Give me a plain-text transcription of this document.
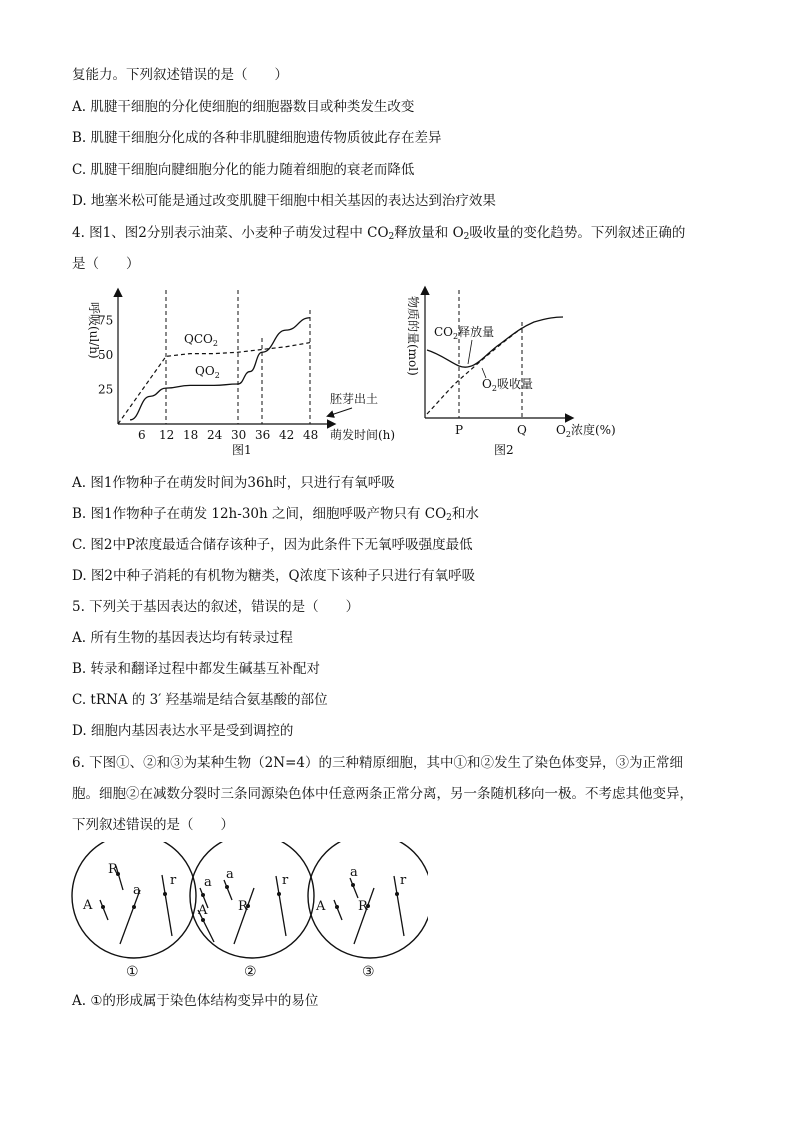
复能力。下列叙述错误的是（　　）
A. 肌腱干细胞的分化使细胞的细胞器数目或种类发生改变
B. 肌腱干细胞分化成的各种非肌腱细胞遗传物质彼此存在差异
C. 肌腱干细胞向腱细胞分化的能力随着细胞的衰老而降低
D. 地塞米松可能是通过改变肌腱干细胞中相关基因的表达达到治疗效果
4. 图1、图2分别表示油菜、小麦种子萌发过程中 $CO_2$释放量和 $O_2$吸收量的变化趋势。下列叙述正确的
是（　　）
呼吸(ul/h)
25
50
75
6 12 18 24 30 36 42 48 萌发时间(h)
$QCO_2$
$QO_2$
胚芽出土
图1
物质的量(mol) $CO_2$释放量
$O_2$吸收量
P	Q $O_2$浓度(%)
图2
A. 图1作物种子在萌发时间为36h时，只进行有氧呼吸
B. 图1作物种子在萌发 12h-30h 之间，细胞呼吸产物只有 $CO_2$和水
C. 图2中P浓度最适合储存该种子，因为此条件下无氧呼吸强度最低
D. 图2中种子消耗的有机物为糖类，Q浓度下该种子只进行有氧呼吸
5. 下列关于基因表达的叙述，错误的是（　　）
A. 所有生物的基因表达均有转录过程
B. 转录和翻译过程中都发生碱基互补配对
C. tRNA 的 3′ 羟基端是结合氨基酸的部位
D. 细胞内基因表达水平是受到调控的
6. 下图①、②和③为某种生物（2N=4）的三种精原细胞，其中①和②发生了染色体变异，③为正常细
胞。细胞②在减数分裂时三条同源染色体中任意两条正常分离，另一条随机移向一极。不考虑其他变异，
下列叙述错误的是（　　）
R
a
A
r
①
a
a
A R
r
②
a
A	R
r
③
A. ①的形成属于染色体结构变异中的易位
